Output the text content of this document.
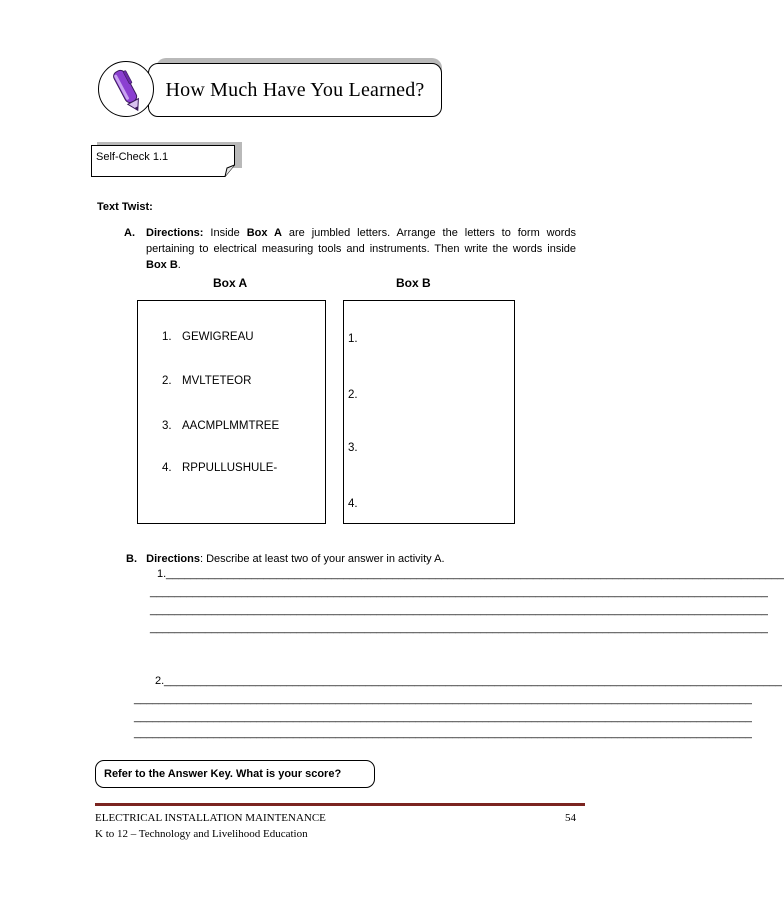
How Much Have You Learned?
Self-Check 1.1
Text Twist:
A. Directions: Inside Box A are jumbled letters. Arrange the letters to form words pertaining to electrical measuring tools and instruments. Then write the words inside Box B.
Box A	Box B
1. GEWIGREAU
2. MVLTETEOR
3. AACMPLMMTREE
4. RPPULLUSHULE-
1.
2.
3.
4.
B. Directions: Describe at least two of your answer in activity A.
1. _____________________________________________________________________________________________________
_____________________________________________________________________________________________________
_____________________________________________________________________________________________________
_____________________________________________________________________________________________________
2. _____________________________________________________________________________________________________
_____________________________________________________________________________________________________
_____________________________________________________________________________________________________
_____________________________________________________________________________________________________
Refer to the Answer Key. What is your score?
ELECTRICAL INSTALLATION MAINTENANCE
K to 12 – Technology and Livelihood Education
54
